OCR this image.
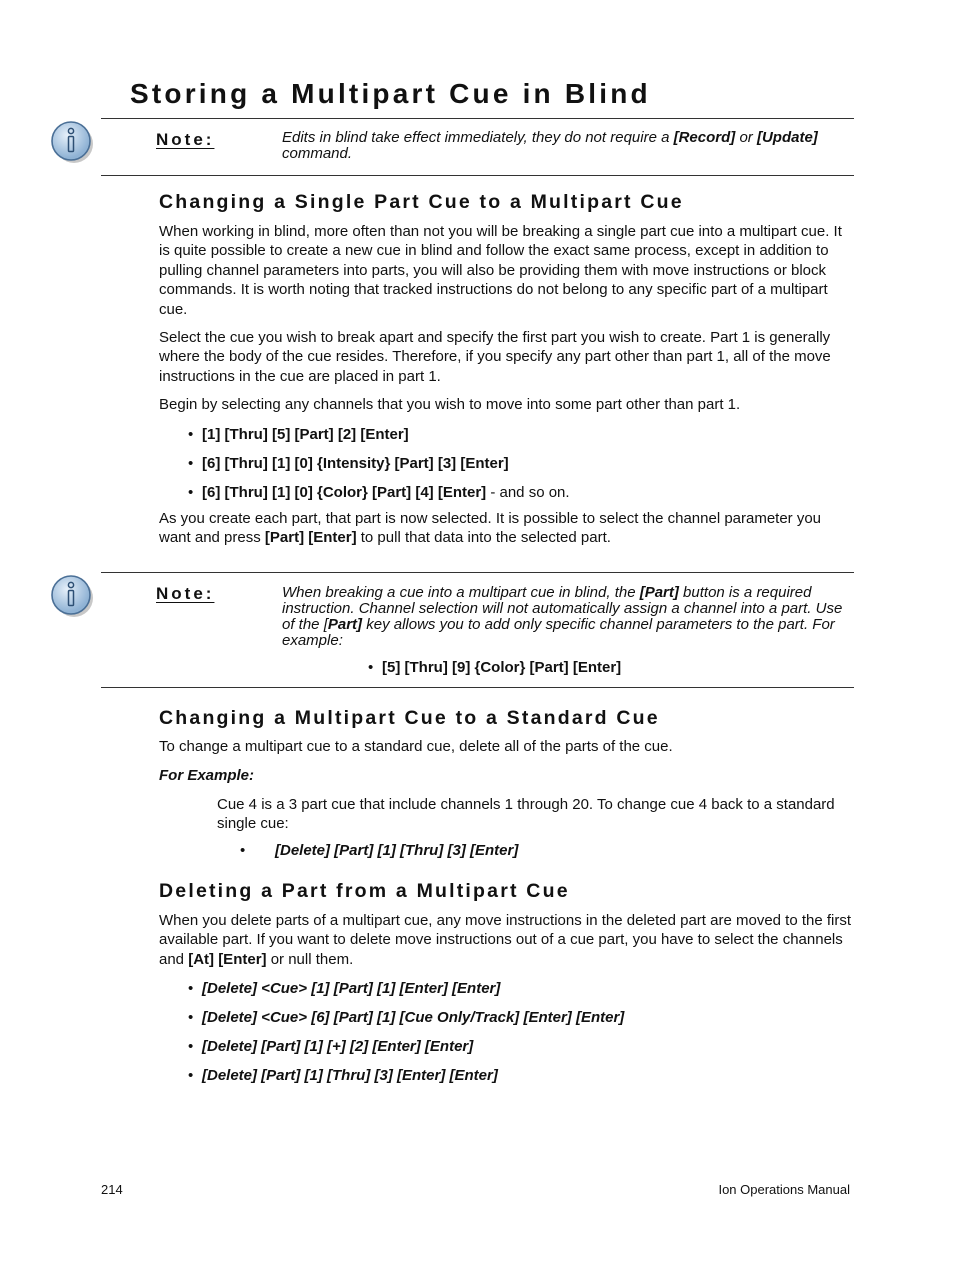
Storing a Multipart Cue in Blind
Note:	Edits in blind take effect immediately, they do not require a [Record] or [Update] command.
Changing a Single Part Cue to a Multipart Cue
When working in blind, more often than not you will be breaking a single part cue into a multipart cue. It is quite possible to create a new cue in blind and follow the exact same process, except in addition to pulling channel parameters into parts, you will also be providing them with move instructions or block commands. It is worth noting that tracked instructions do not belong to any specific part of a multipart cue.
Select the cue you wish to break apart and specify the first part you wish to create. Part 1 is generally where the body of the cue resides. Therefore, if you specify any part other than part 1, all of the move instructions in the cue are placed in part 1.
Begin by selecting any channels that you wish to move into some part other than part 1.
• [1] [Thru] [5] [Part] [2] [Enter]
• [6] [Thru] [1] [0] {Intensity} [Part] [3] [Enter]
• [6] [Thru] [1] [0] {Color} [Part] [4] [Enter] - and so on.
As you create each part, that part is now selected. It is possible to select the channel parameter you want and press [Part] [Enter] to pull that data into the selected part.
Note:	When breaking a cue into a multipart cue in blind, the [Part] button is a required instruction. Channel selection will not automatically assign a channel into a part. Use of the [Part] key allows you to add only specific channel parameters to the part. For example:
• [5] [Thru] [9] {Color} [Part] [Enter]
Changing a Multipart Cue to a Standard Cue
To change a multipart cue to a standard cue, delete all of the parts of the cue.
For Example:
Cue 4 is a 3 part cue that include channels 1 through 20. To change cue 4 back to a standard single cue:
• [Delete] [Part] [1] [Thru] [3] [Enter]
Deleting a Part from a Multipart Cue
When you delete parts of a multipart cue, any move instructions in the deleted part are moved to the first available part. If you want to delete move instructions out of a cue part, you have to select the channels and [At] [Enter] or null them.
• [Delete] <Cue> [1] [Part] [1] [Enter] [Enter]
• [Delete] <Cue> [6] [Part] [1] [Cue Only/Track] [Enter] [Enter]
• [Delete] [Part] [1] [+] [2] [Enter] [Enter]
• [Delete] [Part] [1] [Thru] [3] [Enter] [Enter]
214	Ion Operations Manual
